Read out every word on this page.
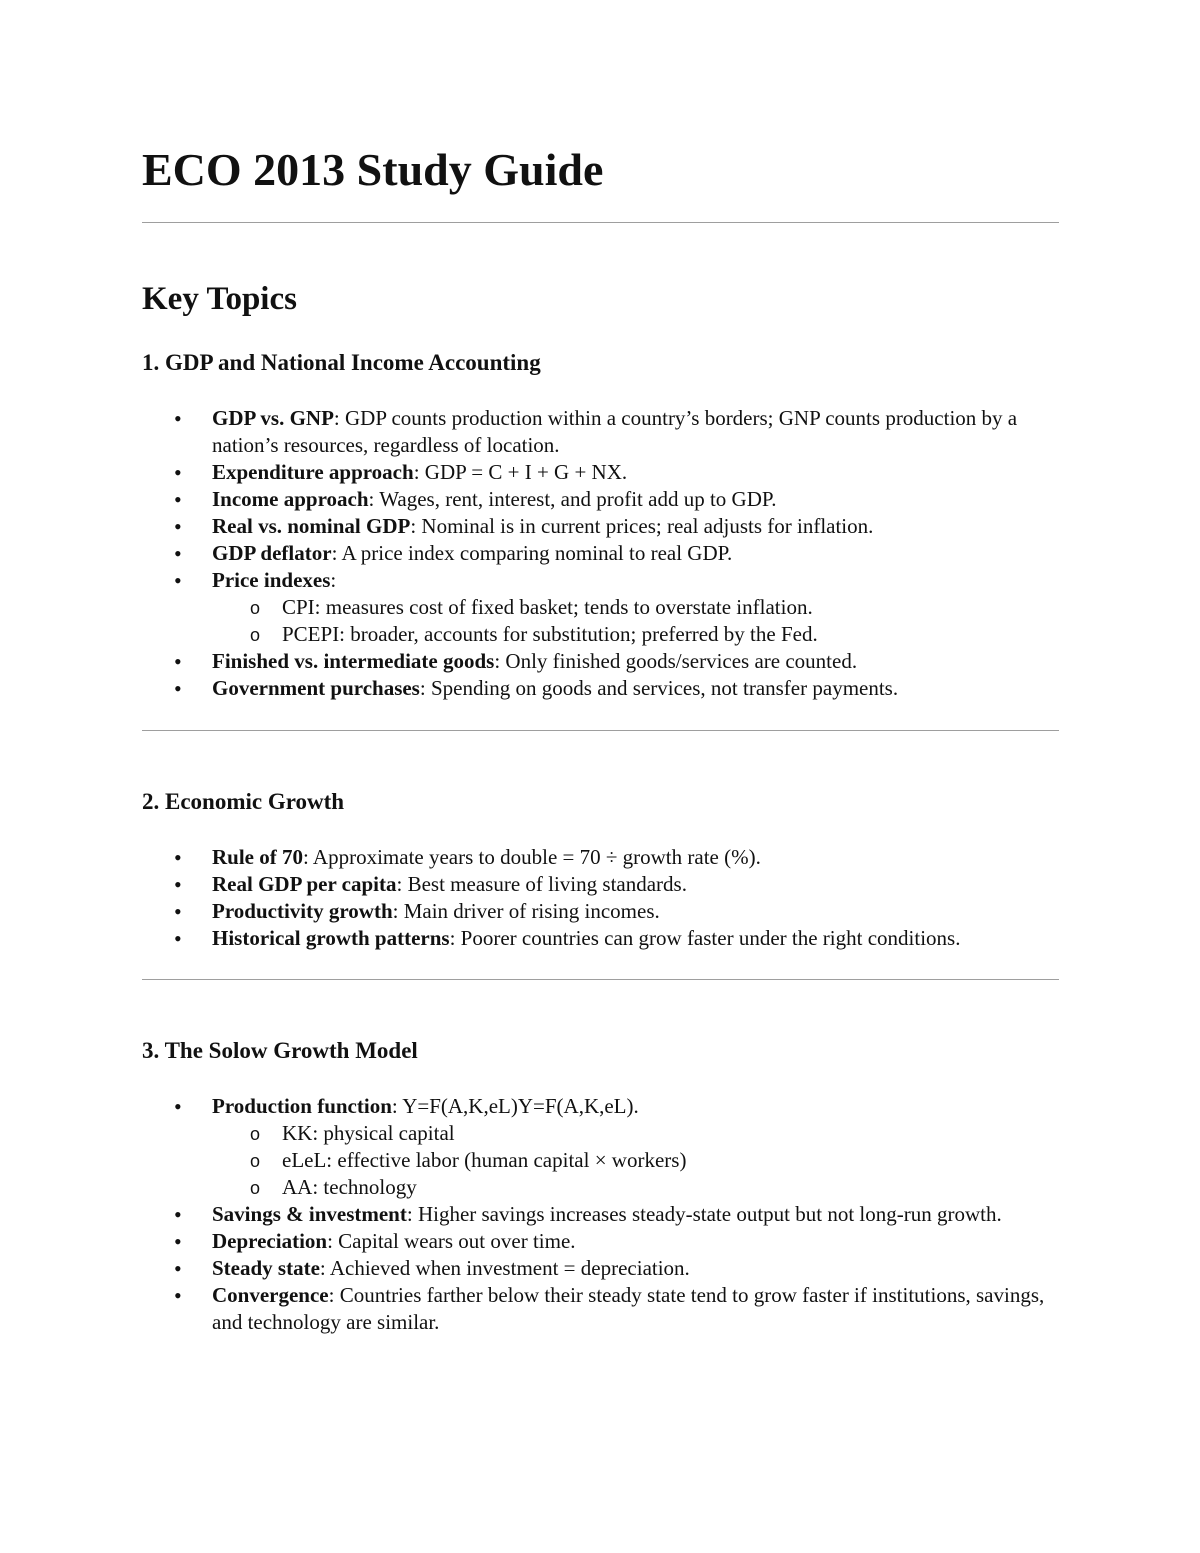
ECO 2013 Study Guide
Key Topics
1. GDP and National Income Accounting
• GDP vs. GNP: GDP counts production within a country’s borders; GNP counts production by a nation’s resources, regardless of location.
• Expenditure approach: GDP = C + I + G + NX.
• Income approach: Wages, rent, interest, and profit add up to GDP.
• Real vs. nominal GDP: Nominal is in current prices; real adjusts for inflation.
• GDP deflator: A price index comparing nominal to real GDP.
• Price indexes:
o CPI: measures cost of fixed basket; tends to overstate inflation.
o PCEPI: broader, accounts for substitution; preferred by the Fed.
• Finished vs. intermediate goods: Only finished goods/services are counted.
• Government purchases: Spending on goods and services, not transfer payments.
2. Economic Growth
• Rule of 70: Approximate years to double = 70 ÷ growth rate (%).
• Real GDP per capita: Best measure of living standards.
• Productivity growth: Main driver of rising incomes.
• Historical growth patterns: Poorer countries can grow faster under the right conditions.
3. The Solow Growth Model
• Production function: Y=F(A,K,eL)Y=F(A,K,eL).
o KK: physical capital
o eLeL: effective labor (human capital × workers)
o AA: technology
• Savings & investment: Higher savings increases steady-state output but not long-run growth.
• Depreciation: Capital wears out over time.
• Steady state: Achieved when investment = depreciation.
• Convergence: Countries farther below their steady state tend to grow faster if institutions, savings, and technology are similar.
